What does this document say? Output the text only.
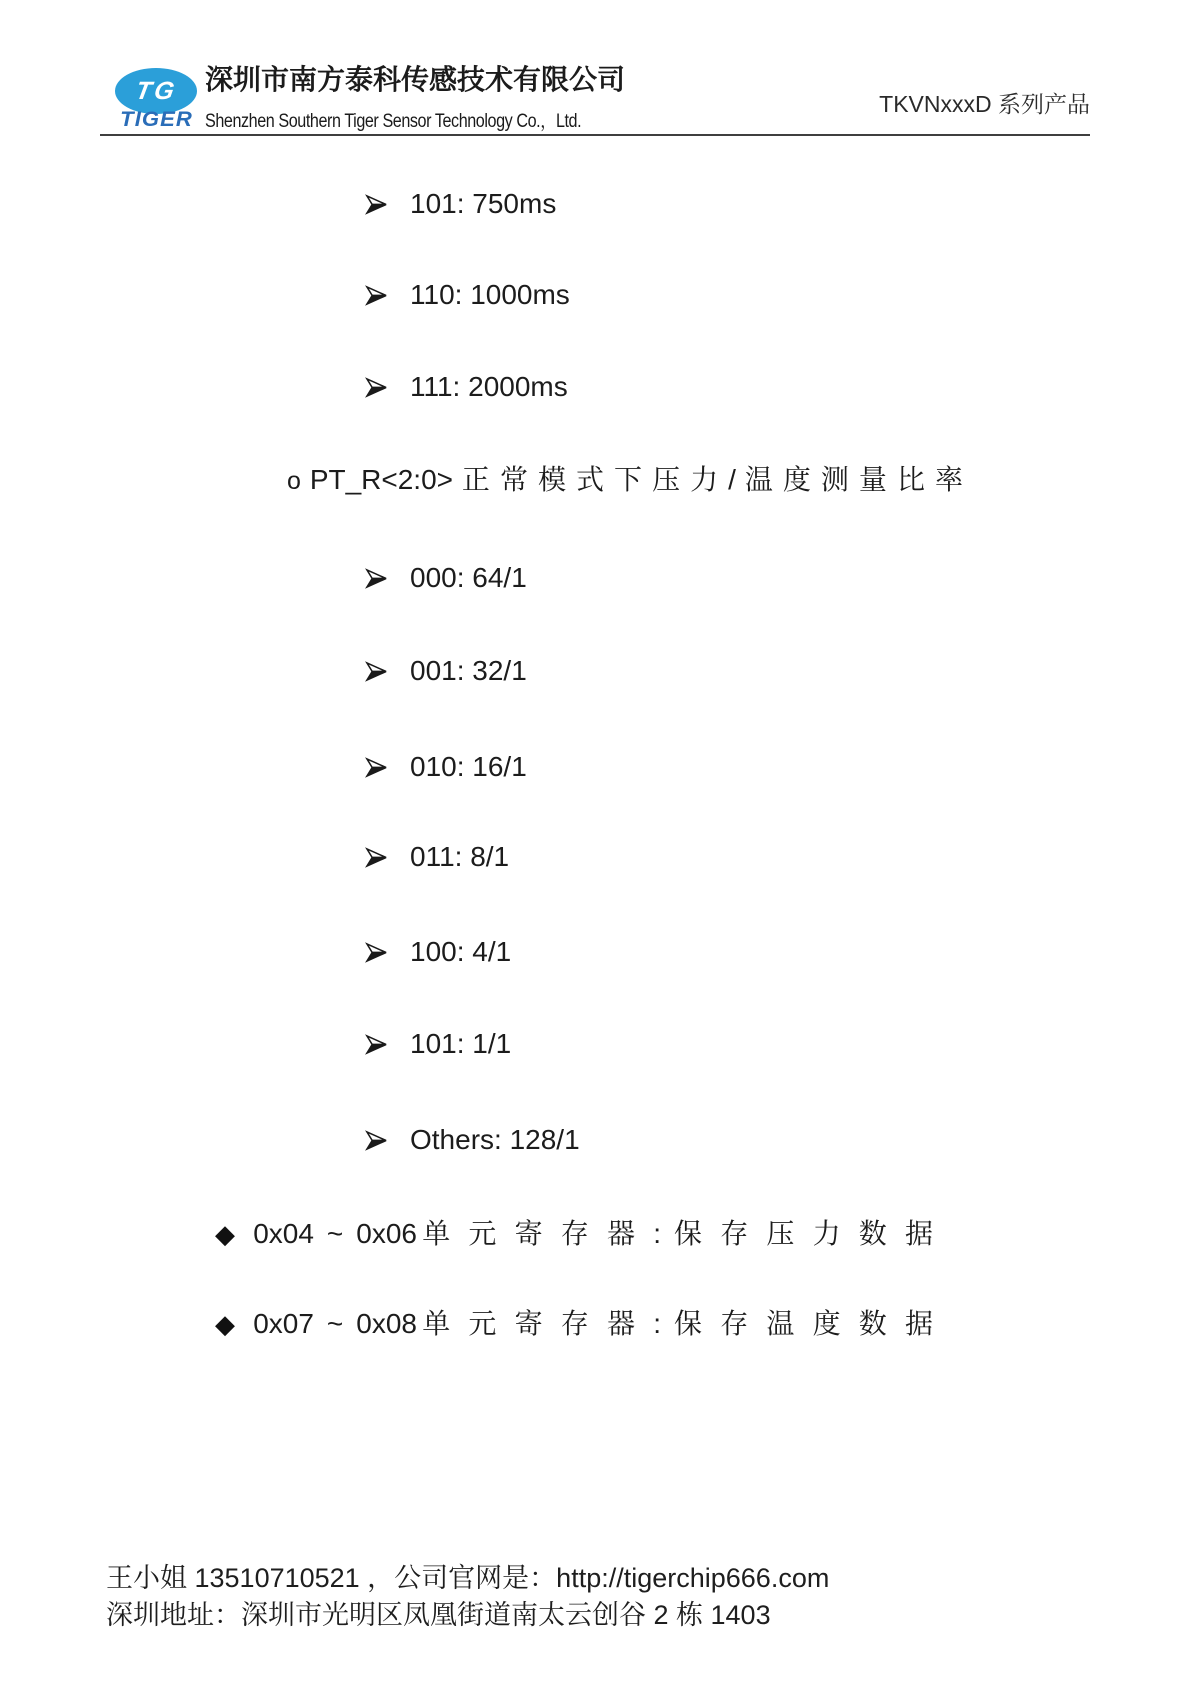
TG
TIGER
深圳市南方泰科传感技术有限公司
Shenzhen Southern Tiger Sensor Technology Co.，Ltd.
TKVNxxxD 系列产品
101: 750ms
110: 1000ms
111: 2000ms
o PT_R<2:0> 正 常 模 式 下 压 力 / 温 度 测 量 比 率
000: 64/1
001: 32/1
010: 16/1
011: 8/1
100: 4/1
101: 1/1
Others: 128/1
◆ 0x04 ~ 0x06单 元 寄 存 器 : 保 存 压 力 数 据
◆ 0x07 ~ 0x08单 元 寄 存 器 : 保 存 温 度 数 据
王小姐 13510710521 ，公司官网是：http://tigerchip666.com
深圳地址：深圳市光明区凤凰街道南太云创谷 2 栋 1403
